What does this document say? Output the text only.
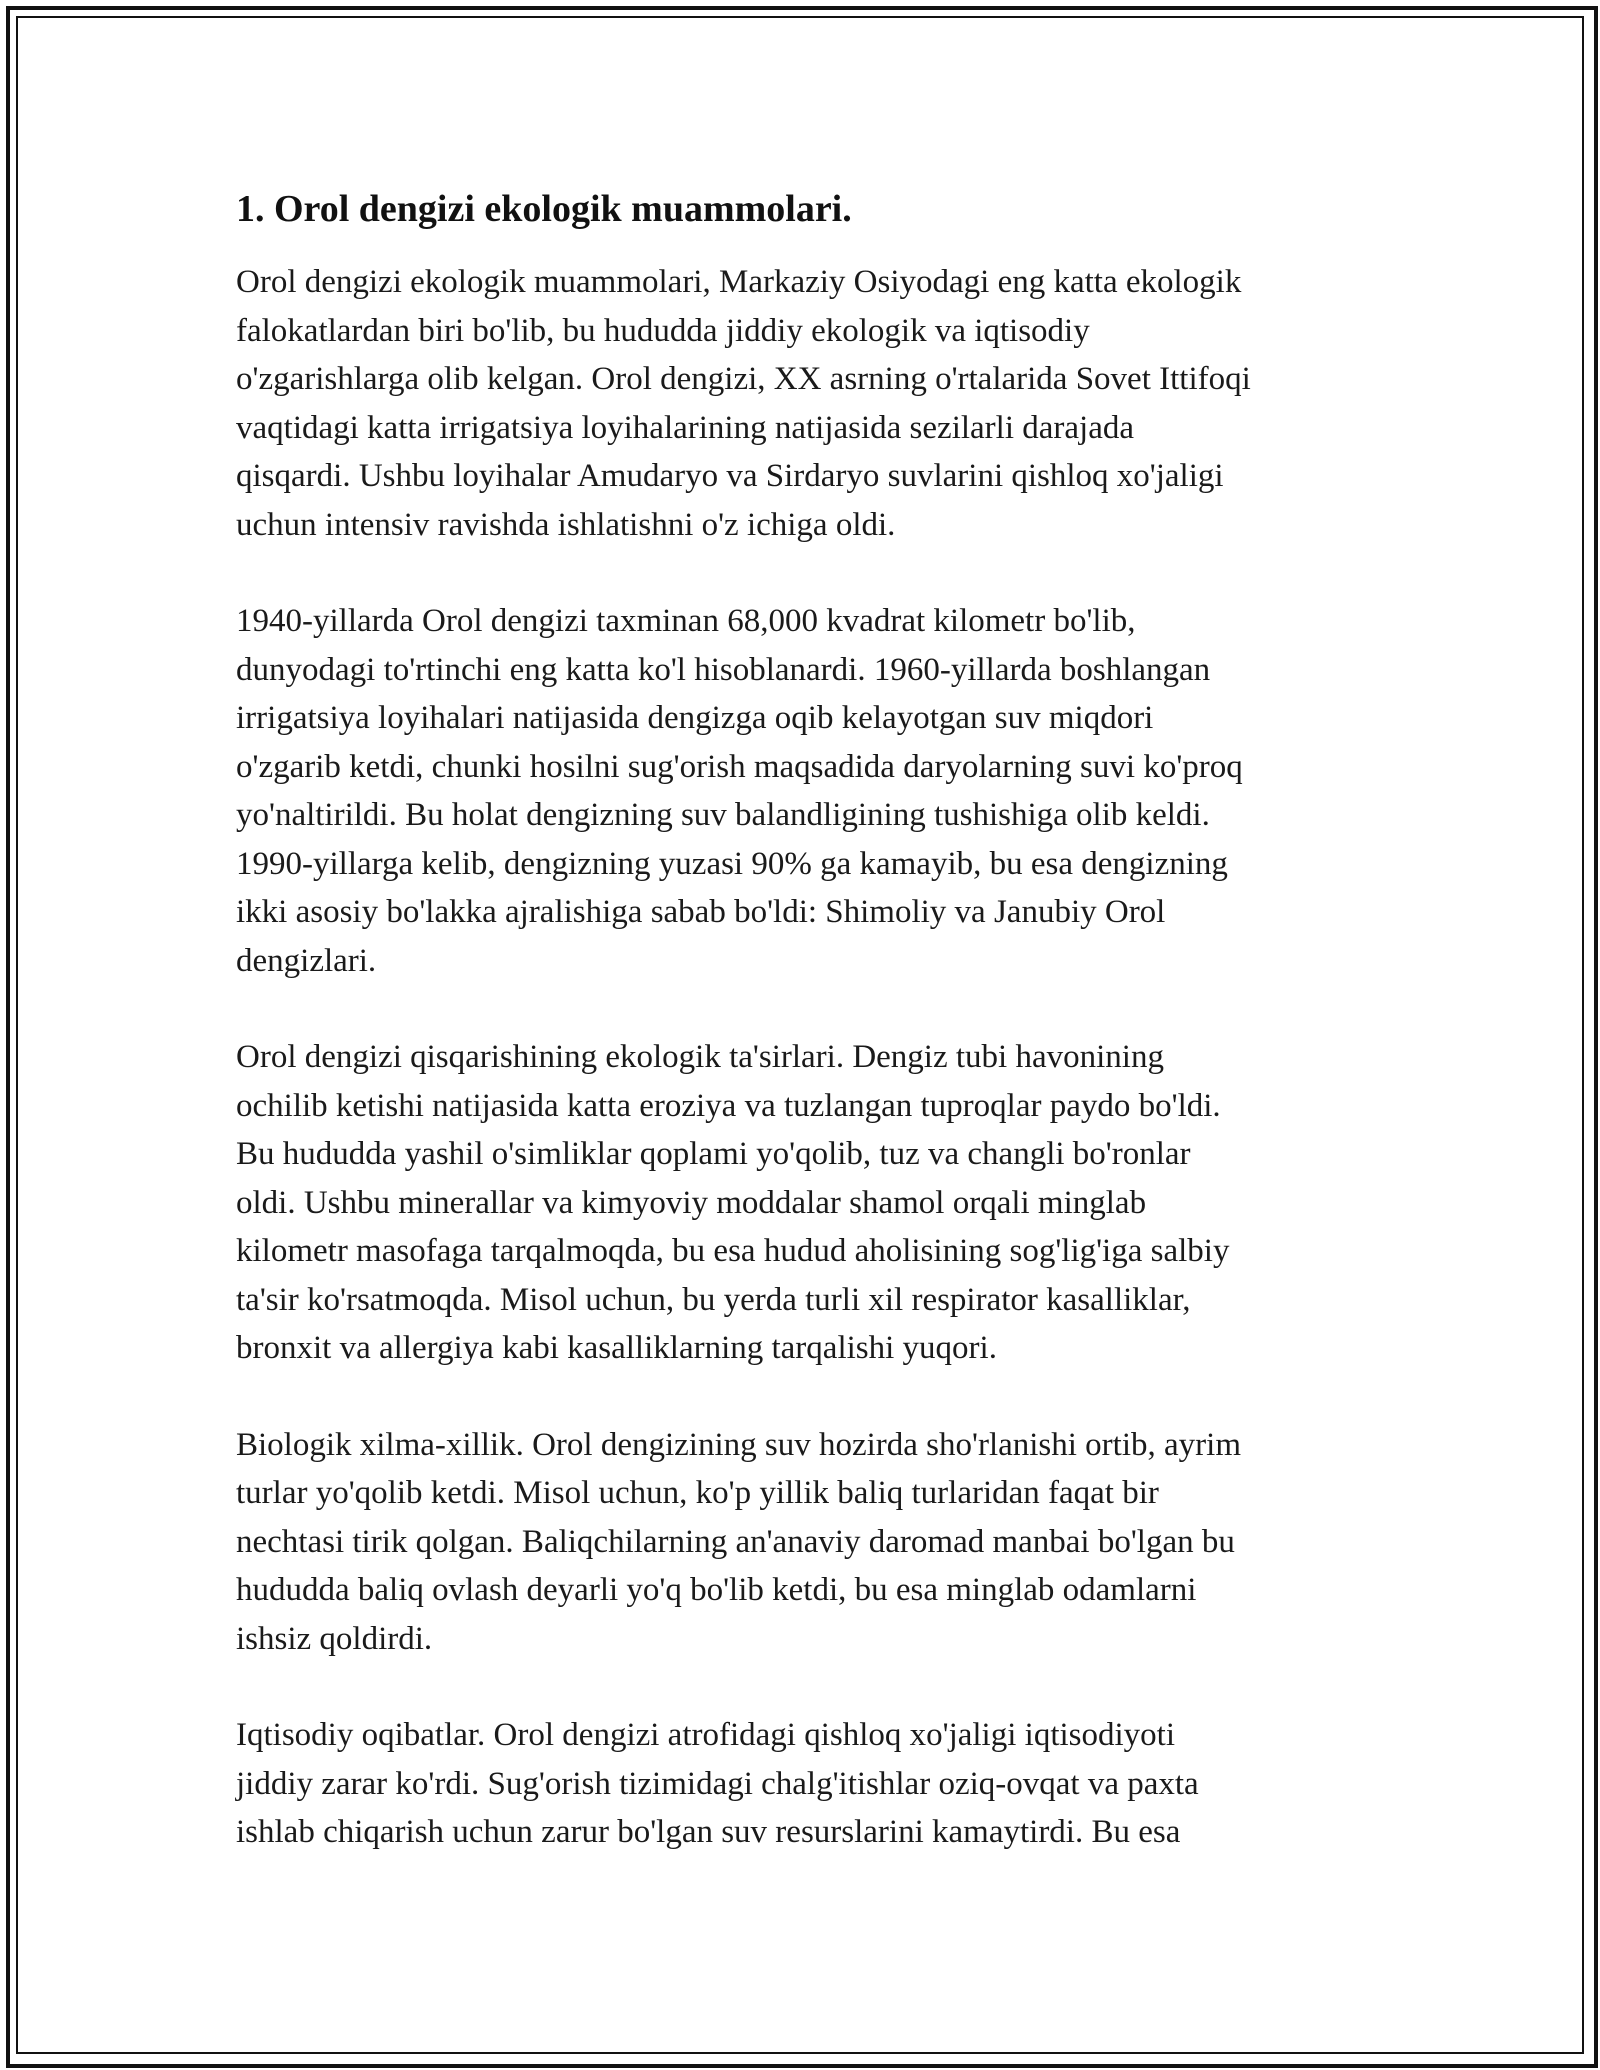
1. Orol dengizi ekologik muammolari.

Orol dengizi ekologik muammolari, Markaziy Osiyodagi eng katta ekologik
falokatlardan biri bo'lib, bu hududda jiddiy ekologik va iqtisodiy
o'zgarishlarga olib kelgan. Orol dengizi, XX asrning o'rtalarida Sovet Ittifoqi
vaqtidagi katta irrigatsiya loyihalarining natijasida sezilarli darajada
qisqardi. Ushbu loyihalar Amudaryo va Sirdaryo suvlarini qishloq xo'jaligi
uchun intensiv ravishda ishlatishni o'z ichiga oldi.

1940-yillarda Orol dengizi taxminan 68,000 kvadrat kilometr bo'lib,
dunyodagi to'rtinchi eng katta ko'l hisoblanardi. 1960-yillarda boshlangan
irrigatsiya loyihalari natijasida dengizga oqib kelayotgan suv miqdori
o'zgarib ketdi, chunki hosilni sug'orish maqsadida daryolarning suvi ko'proq
yo'naltirildi. Bu holat dengizning suv balandligining tushishiga olib keldi.
1990-yillarga kelib, dengizning yuzasi 90% ga kamayib, bu esa dengizning
ikki asosiy bo'lakka ajralishiga sabab bo'ldi: Shimoliy va Janubiy Orol
dengizlari.

Orol dengizi qisqarishining ekologik ta'sirlari. Dengiz tubi havonining
ochilib ketishi natijasida katta eroziya va tuzlangan tuproqlar paydo bo'ldi.
Bu hududda yashil o'simliklar qoplami yo'qolib, tuz va changli bo'ronlar
oldi. Ushbu minerallar va kimyoviy moddalar shamol orqali minglab
kilometr masofaga tarqalmoqda, bu esa hudud aholisining sog'lig'iga salbiy
ta'sir ko'rsatmoqda. Misol uchun, bu yerda turli xil respirator kasalliklar,
bronxit va allergiya kabi kasalliklarning tarqalishi yuqori.

Biologik xilma-xillik. Orol dengizining suv hozirda sho'rlanishi ortib, ayrim
turlar yo'qolib ketdi. Misol uchun, ko'p yillik baliq turlaridan faqat bir
nechtasi tirik qolgan. Baliqchilarning an'anaviy daromad manbai bo'lgan bu
hududda baliq ovlash deyarli yo'q bo'lib ketdi, bu esa minglab odamlarni
ishsiz qoldirdi.

Iqtisodiy oqibatlar. Orol dengizi atrofidagi qishloq xo'jaligi iqtisodiyoti
jiddiy zarar ko'rdi. Sug'orish tizimidagi chalg'itishlar oziq-ovqat va paxta
ishlab chiqarish uchun zarur bo'lgan suv resurslarini kamaytirdi. Bu esa
